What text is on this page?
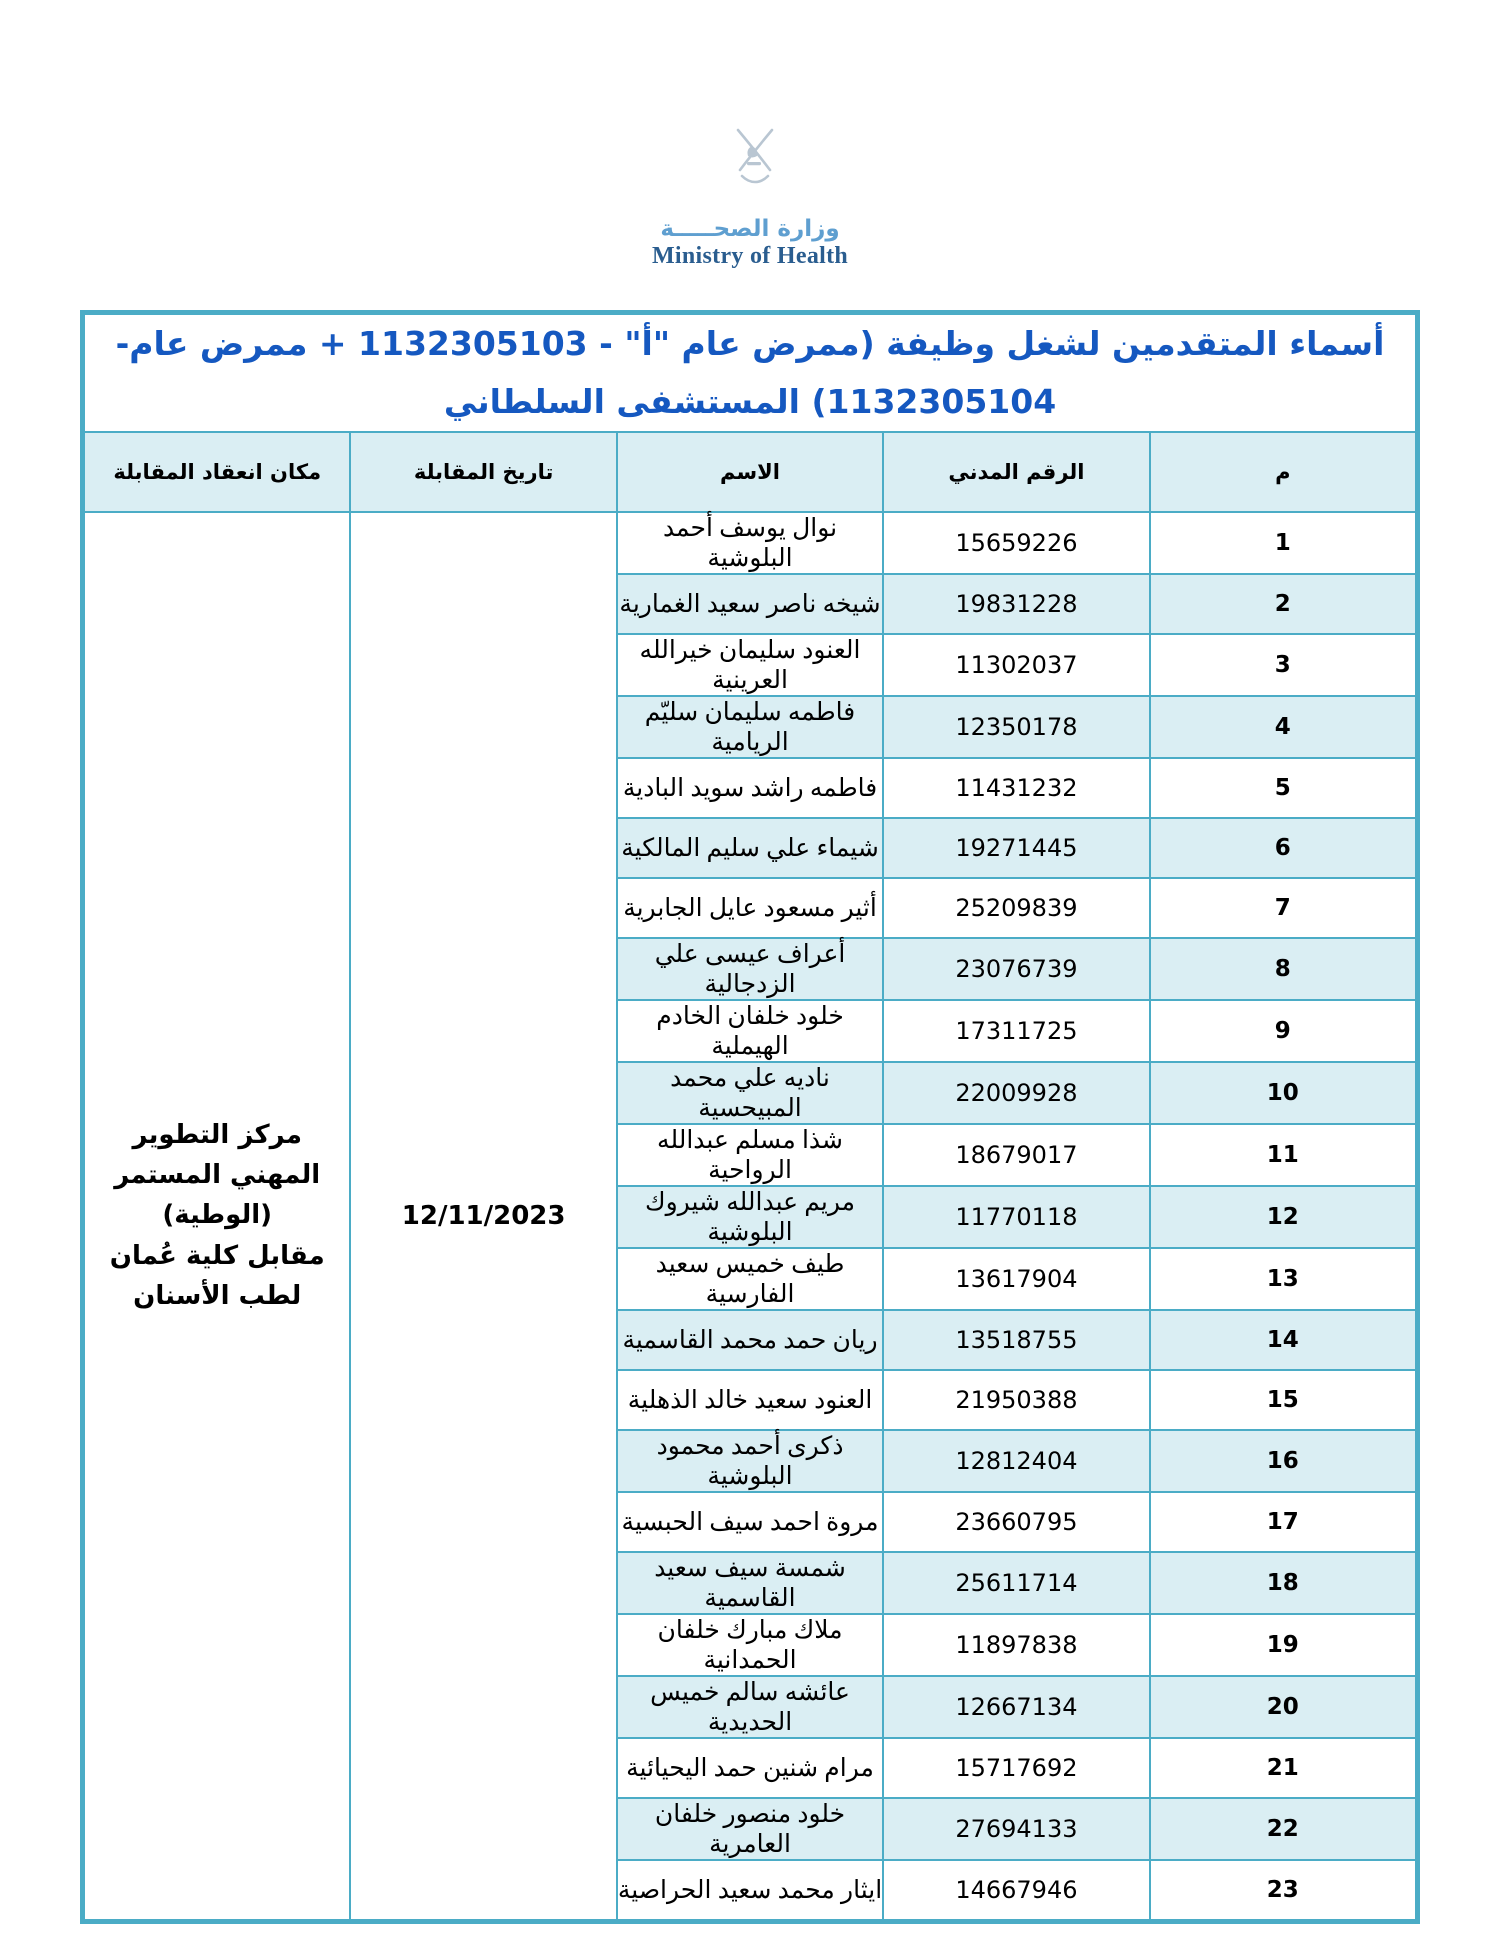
وزارة الصحـــــة
Ministry of Health
أسماء المتقدمين لشغل وظيفة (ممرض عام "أ" - 1132305103 + ممرض عام- 1132305104) المستشفى السلطاني				
م	الرقم المدني	الاسم	تاريخ المقابلة	مكان انعقاد المقابلة
1	15659226	نوال يوسف أحمد البلوشية	12/11/2023	مركز التطوير المهني المستمر
(الوطية)
مقابل كلية عُمان لطب الأسنان

2	19831228	شيخه ناصر سعيد الغمارية		
3	11302037	العنود سليمان خيرالله العرينية		
4	12350178	فاطمه سليمان سليّم الريامية		
5	11431232	فاطمه راشد سويد البادية		
6	19271445	شيماء علي سليم المالكية		
7	25209839	أثير مسعود عايل الجابرية		
8	23076739	أعراف عيسى علي الزدجالية		
9	17311725	خلود خلفان الخادم الهيملية		
10	22009928	ناديه علي محمد المبيحسية		
11	18679017	شذا مسلم عبدالله الرواحية		
12	11770118	مريم عبدالله شيروك البلوشية		
13	13617904	طيف خميس سعيد الفارسية		
14	13518755	ريان حمد محمد القاسمية		
15	21950388	العنود سعيد خالد الذهلية		
16	12812404	ذكرى أحمد محمود البلوشية		
17	23660795	مروة احمد سيف الحبسية		
18	25611714	شمسة سيف سعيد القاسمية		
19	11897838	ملاك مبارك خلفان الحمدانية		
20	12667134	عائشه سالم خميس الحديدية		
21	15717692	مرام شنين حمد اليحيائية		
22	27694133	خلود منصور خلفان العامرية		
23	14667946	ايثار محمد سعيد الحراصية		
